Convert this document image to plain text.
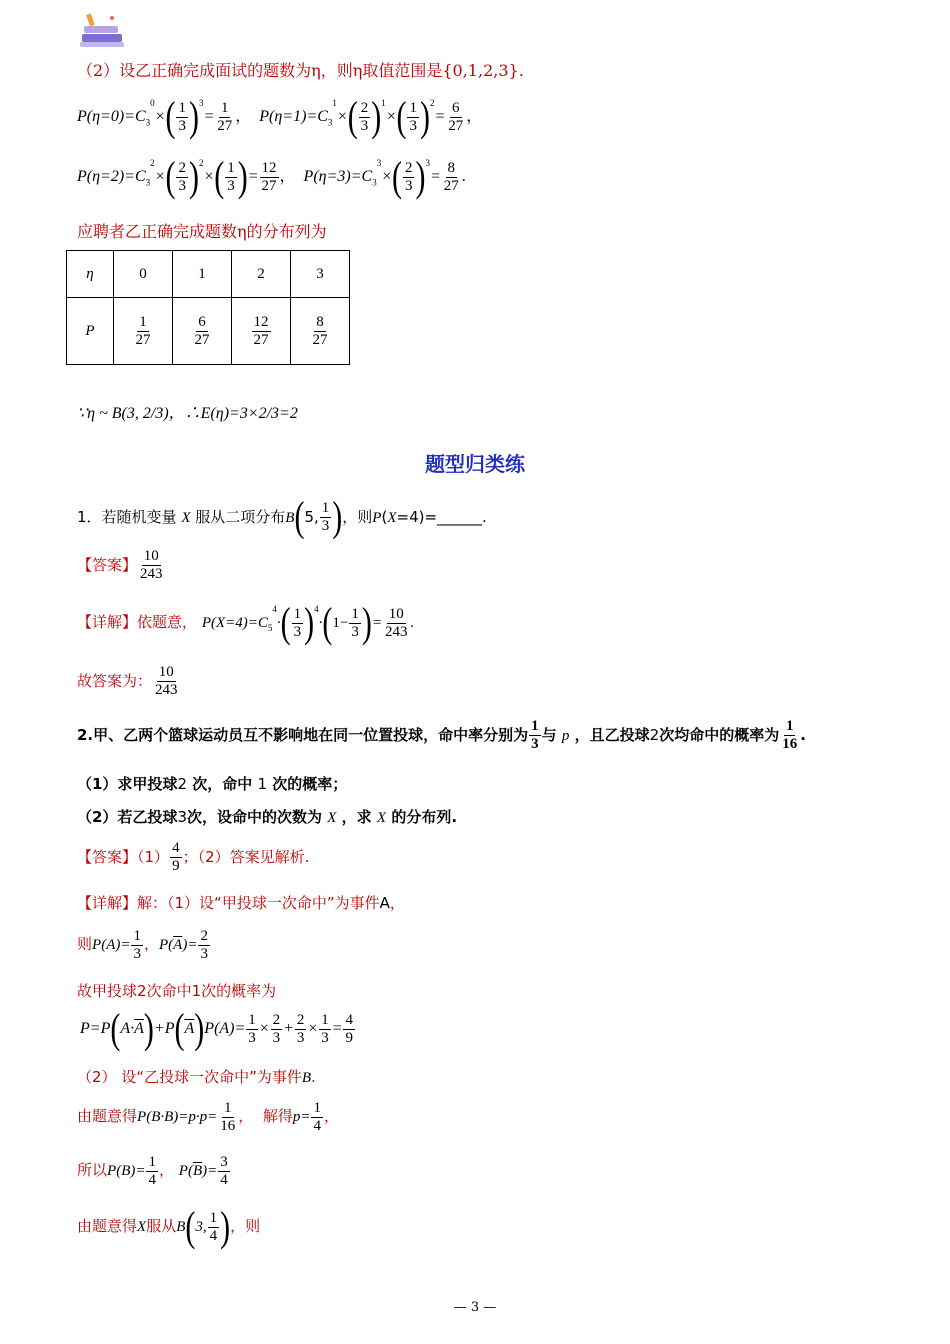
（2）设乙正确完成面试的题数为η，则η取值范围是{0,1,2,3}.
$P(\eta=0)=C_3^0\times( \frac{1}{3} )^3= \frac{1}{27}$ ， $P(\eta=1)=C_3^1\times( \frac{2}{3} )^1\times( \frac{1}{3} )^2= \frac{6}{27}$ ，
$P(\eta=2)=C_3^2\times( \frac{2}{3} )^2\times( \frac{1}{3}$ )= $\frac{12}{27}$ ， $P(\eta=3)=C_3^3\times( \frac{2}{3} )^3= \frac{8}{27}$ .
应聘者乙正确完成题数η的分布列为
η	0	1	2	3
P	$\frac{1}{27}$	$\frac{6}{27}$	$\frac{12}{27}$	$\frac{8}{27}$
∵η ~ B(3, 2/3)，∴E(η)=3×2/3=2
题型归类练
1．若随机变量 X 服从二项分布B(5, $\frac{1}{3}$ )，则P(X=4)=______.
【答案】 $\frac{10}{243}$
【详解】依题意， $P(X=4)=C_5^4\cdot( \frac{1}{3} )^4\cdot(1- \frac{1}{3}$ )= $\frac{10}{243}$ .
故答案为： $\frac{10}{243}$
2.甲、乙两个篮球运动员互不影响地在同一位置投球，命中率分别为 $\frac{1}{3}$ 与 p ，且乙投球2次均命中的概率为 $\frac{1}{16}$ .
（1）求甲投球2 次，命中 1 次的概率；
（2）若乙投球3次，设命中的次数为 X ，求 X 的分布列.
【答案】$(1) \frac{4}{9}$ ；（2）答案见解析.
【详解】解：（1）设“甲投球一次命中”为事件A，
则$P(A)= \frac{1}{3}$ ，$P(\overline{A})= \frac{2}{3}$
故甲投球2次命中1次的概率为
$P=P(A\cdot\overline{A})+P(\overline{A})P(A)= \frac{1}{3} \times \frac{2}{3} + \frac{2}{3} \times \frac{1}{3} = \frac{4}{9}$
（2） 设“乙投球一次命中”为事件B.
由题意得$P(B\cdot B)=p\cdot p= \frac{1}{16}$ ，  解得$p= \frac{1}{4}$ ，
所以$P(B)= \frac{1}{4}$ ， $P(\overline{B})= \frac{3}{4}$
由题意得X服从B(3, $\frac{1}{4}$ )，则
— 3 —
